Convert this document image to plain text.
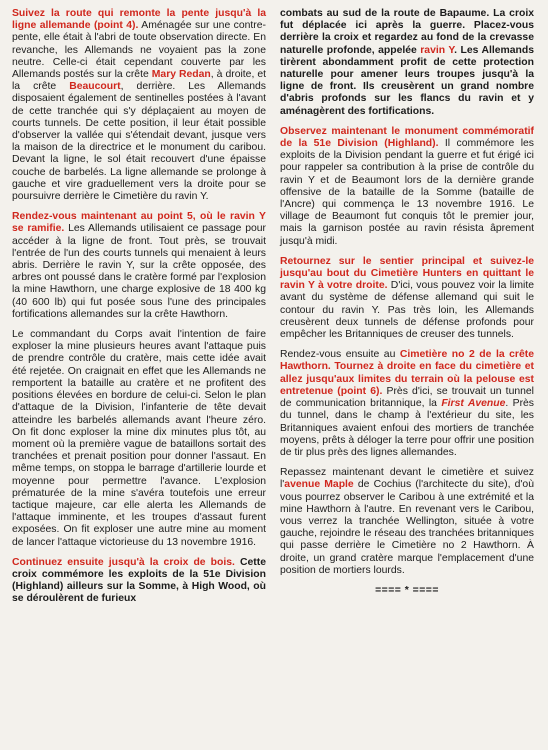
Suivez la route qui remonte la pente jusqu'à la ligne allemande (point 4). Aménagée sur une contre-pente, elle était à l'abri de toute observation directe. En revanche, les Allemands ne voyaient pas la zone neutre. Celle-ci était cependant couverte par les Allemands postés sur la crête Mary Redan, à droite, et la crête Beaucourt, derrière. Les Allemands disposaient également de sentinelles postées à l'avant de cette tranchée qui s'y déplaçaient au moyen de courts tunnels. De cette position, il leur était possible d'observer la vallée qui s'étendait devant, jusque vers la maison de la directrice et le monument du caribou. Devant la ligne, le sol était recouvert d'une épaisse couche de barbelés. La ligne allemande se prolonge à gauche et vire graduellement vers la droite pour se poursuivre derrière le Cimetière du ravin Y.

Rendez-vous maintenant au point 5, où le ravin Y se ramifie. Les Allemands utilisaient ce passage pour accéder à la ligne de front. Tout près, se trouvait l'entrée de l'un des courts tunnels qui menaient à leurs abris. Derrière le ravin Y, sur la crête opposée, des arbres ont poussé dans le cratère formé par l'explosion la mine Hawthorn, une charge explosive de 18 400 kg (40 600 lb) qui fut posée sous l'une des principales fortifications allemandes sur la crête Hawthorn.

Le commandant du Corps avait l'intention de faire exploser la mine plusieurs heures avant l'attaque puis de prendre contrôle du cratère, mais cette idée avait été rejetée. On craignait en effet que les Allemands ne remportent la bataille au cratère et ne profitent des positions élevées en bordure de celui-ci. Selon le plan d'attaque de la Division, l'infanterie de tête devait atteindre les barbelés allemands avant l'heure zéro. On fit donc exploser la mine dix minutes plus tôt, au moment où la première vague de bataillons sortait des tranchées et prenait position pour donner l'assaut. En même temps, on stoppa le barrage d'artillerie lourde et moyenne pour permettre l'avance. L'explosion prématurée de la mine s'avéra toutefois une erreur tactique majeure, car elle alerta les Allemands de l'attaque imminente, et les troupes d'assaut furent exposées. On fit exploser une autre mine au moment de lancer l'attaque victorieuse du 13 novembre 1916.

Continuez ensuite jusqu'à la croix de bois. Cette croix commémore les exploits de la 51e Division (Highland) ailleurs sur la Somme, à High Wood, où se déroulèrent de furieux

combats au sud de la route de Bapaume. La croix fut déplacée ici après la guerre. Placez-vous derrière la croix et regardez au fond de la crevasse naturelle profonde, appelée ravin Y. Les Allemands tirèrent abondamment profit de cette protection naturelle pour amener leurs troupes jusqu'à la ligne de front. Ils creusèrent un grand nombre d'abris profonds sur les flancs du ravin et y aménagèrent des fortifications.

Observez maintenant le monument commémoratif de la 51e Division (Highland). Il commémore les exploits de la Division pendant la guerre et fut érigé ici pour rappeler sa contribution à la prise de contrôle du ravin Y et de Beaumont lors de la dernière grande offensive de la bataille de la Somme (bataille de l'Ancre) qui commença le 13 novembre 1916. Le village de Beaumont fut conquis tôt le premier jour, mais la garnison postée au ravin résista âprement jusqu'à midi.

Retournez sur le sentier principal et suivez-le jusqu'au bout du Cimetière Hunters en quittant le ravin Y à votre droite. D'ici, vous pouvez voir la limite avant du système de défense allemand qui suit le contour du ravin Y. Pas très loin, les Allemands creusèrent deux tunnels de défense profonds pour empêcher les Britanniques de creuser des tunnels.

Rendez-vous ensuite au Cimetière no 2 de la crête Hawthorn. Tournez à droite en face du cimetière et allez jusqu'aux limites du terrain où la pelouse est entretenue (point 6). Près d'ici, se trouvait un tunnel de communication britannique, la First Avenue. Près du tunnel, dans le champ à l'extérieur du site, les Britanniques avaient enfoui des mortiers de tranchée moyens, prêts à déloger la terre pour offrir une position de tir plus près des lignes allemandes.

Repassez maintenant devant le cimetière et suivez l'avenue Maple de Cochius (l'architecte du site), d'où vous pourrez observer le Caribou à une extrémité et la mine Hawthorn à l'autre. En revenant vers le Caribou, vous verrez la tranchée Wellington, située à votre gauche, rejoindre le réseau des tranchées britanniques qui passe derrière le Cimetière no 2 Hawthorn. À droite, un grand cratère marque l'emplacement d'une position de mortiers lourds.

==== * ====
